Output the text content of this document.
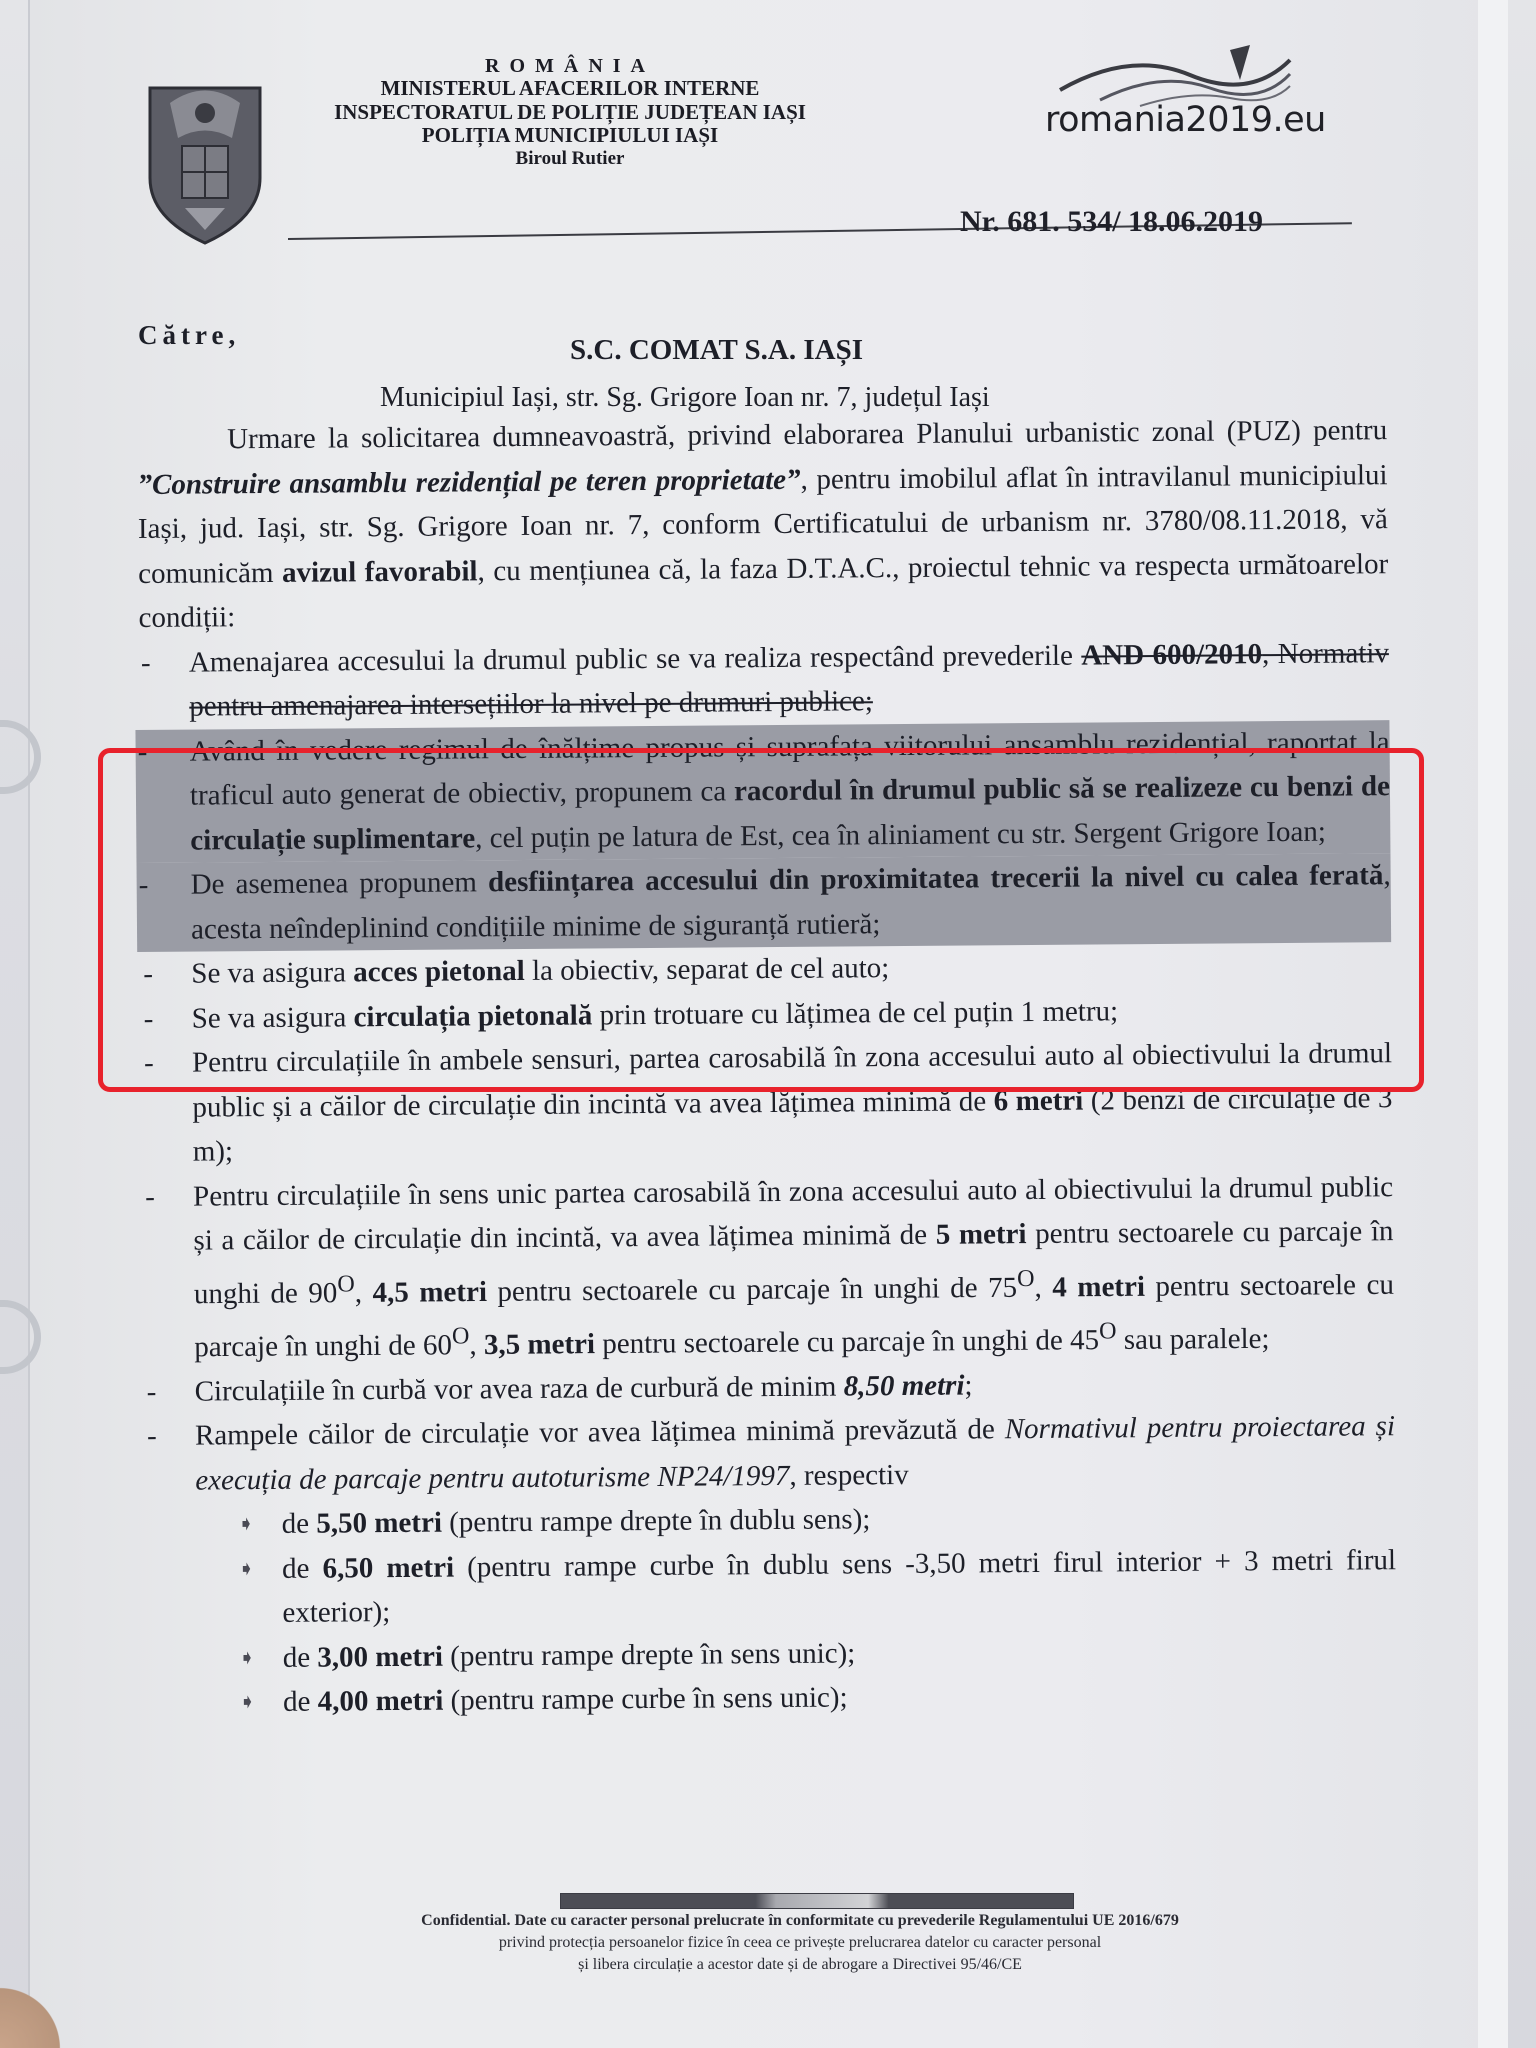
ROMÂNIA
MINISTERUL AFACERILOR INTERNE
INSPECTORATUL DE POLIȚIE JUDEȚEAN IAȘI
POLIȚIA MUNICIPIULUI IAȘI
Biroul Rutier
romania2019.eu
Nr. 681. 534/ 18.06.2019
Către,	S.C. COMAT S.A. IAȘI
Municipiul Iași, str. Sg. Grigore Ioan nr. 7, județul Iași

Urmare la solicitarea dumneavoastră, privind elaborarea Planului urbanistic zonal (PUZ) pentru ”Construire ansamblu rezidențial pe teren proprietate”, pentru imobilul aflat în intravilanul municipiului Iași, jud. Iași, str. Sg. Grigore Ioan nr. 7, conform Certificatului de urbanism nr. 3780/08.11.2018, vă comunicăm avizul favorabil, cu mențiunea că, la faza D.T.A.C., proiectul tehnic va respecta următoarelor condiții:

- Amenajarea accesului la drumul public se va realiza respectând prevederile AND 600/2010, Normativ pentru amenajarea intersețiilor la nivel pe drumuri publice;

- Având în vedere regimul de înălțime propus și suprafața viitorului ansamblu rezidențial, raportat la traficul auto generat de obiectiv, propunem ca racordul în drumul public să se realizeze cu benzi de circulație suplimentare, cel puțin pe latura de Est, cea în aliniament cu str. Sergent Grigore Ioan;

- De asemenea propunem desființarea accesului din proximitatea trecerii la nivel cu calea ferată, acesta neîndeplinind condițiile minime de siguranță rutieră;

- Se va asigura acces pietonal la obiectiv, separat de cel auto;

- Se va asigura circulația pietonală prin trotuare cu lățimea de cel puțin 1 metru;

- Pentru circulațiile în ambele sensuri, partea carosabilă în zona accesului auto al obiectivului la drumul public și a căilor de circulație din incintă va avea lățimea minimă de 6 metri (2 benzi de circulație de 3 m);

- Pentru circulațiile în sens unic partea carosabilă în zona accesului auto al obiectivului la drumul public și a căilor de circulație din incintă, va avea lățimea minimă de 5 metri pentru sectoarele cu parcaje în unghi de $90^O$, 4,5 metri pentru sectoarele cu parcaje în unghi de $75^O$, 4 metri pentru sectoarele cu parcaje în unghi de $60^O$, 3,5 metri pentru sectoarele cu parcaje în unghi de $45^O$ sau paralele;

- Circulațiile în curbă vor avea raza de curbură de minim 8,50 metri;

- Rampele căilor de circulație vor avea lățimea minimă prevăzută de Normativul pentru proiectarea și execuția de parcaje pentru autoturisme NP24/1997, respectiv

➧ de 5,50 metri (pentru rampe drepte în dublu sens);

➧ de 6,50 metri (pentru rampe curbe în dublu sens -3,50 metri firul interior + 3 metri firul exterior);

➧ de 3,00 metri (pentru rampe drepte în sens unic);

➧ de 4,00 metri (pentru rampe curbe în sens unic);

Confidential. Date cu caracter personal prelucrate în conformitate cu prevederile Regulamentului UE 2016/679
privind protecția persoanelor fizice în ceea ce privește prelucrarea datelor cu caracter personal
și libera circulație a acestor date și de abrogare a Directivei 95/46/CE
